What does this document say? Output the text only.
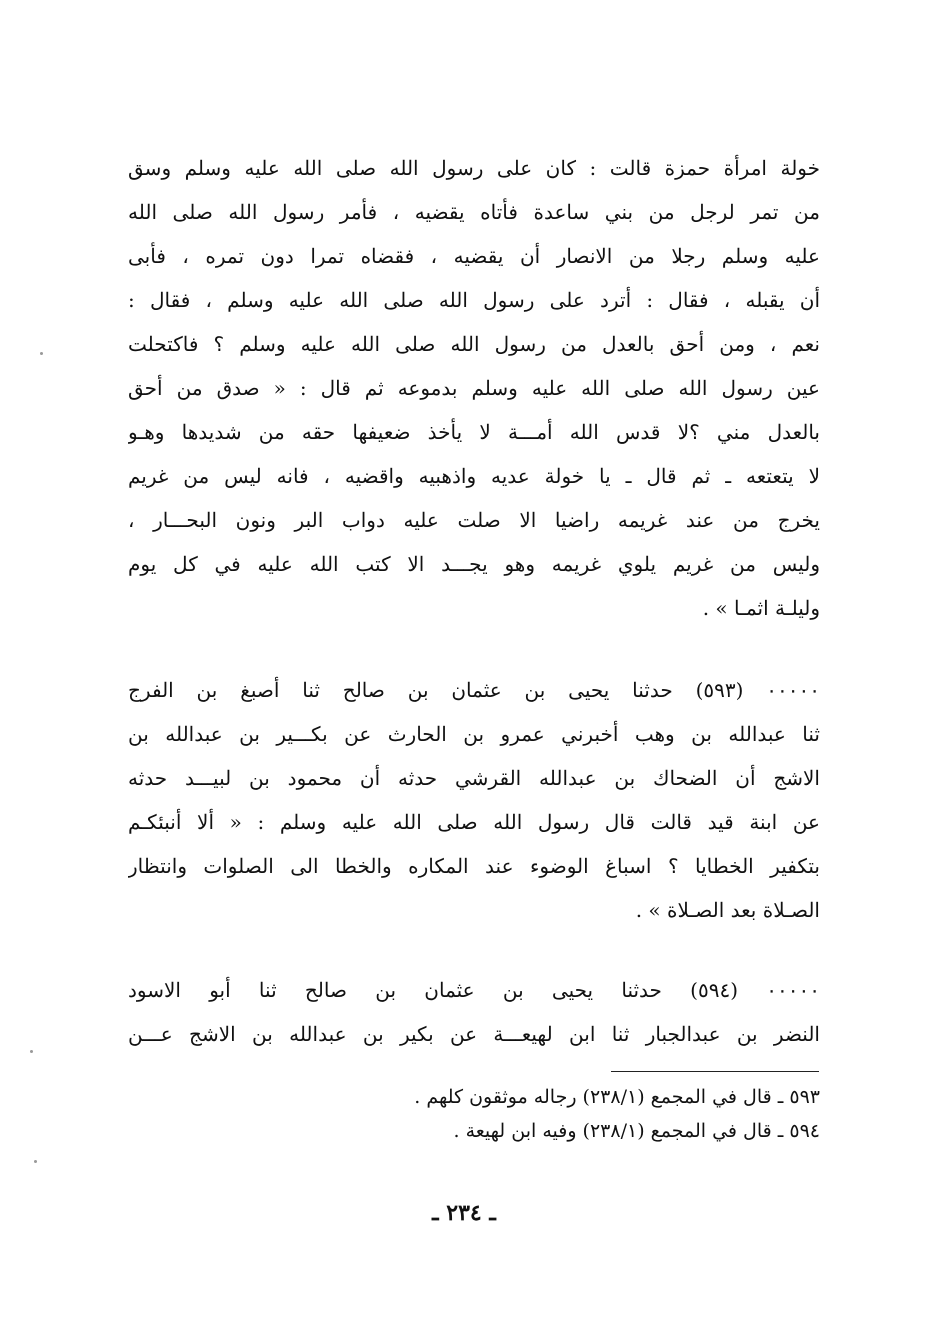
خولة امرأة حمزة قالت : كان على رسول الله صلى الله عليه وسلم وسق
من تمر لرجل من بني ساعدة فأتاه يقضيه ، فأمر رسول الله صلى الله
عليه وسلم رجلا من الانصار أن يقضيه ، فقضاه تمرا دون تمره ، فأبى
أن يقبله ، فقال : أترد على رسول الله صلى الله عليه وسلم ، فقال :
نعم ، ومن أحق بالعدل من رسول الله صلى الله عليه وسلم ؟ فاكتحلت
عين رسول الله صلى الله عليه وسلم بدموعه ثم قال : « صدق من أحق
بالعدل مني ؟لا قدس الله أمـــة لا يأخذ ضعيفها حقه من شديدها وهـو
لا يتعتعه ـ ثم قال ـ يا خولة عديه واذهبيه واقضيه ، فانه ليس من غريم
يخرج من عند غريمه راضيا الا صلت عليه دواب البر ونون البحـــار ،
وليس من غريم يلوي غريمه وهو يجـــد الا كتب الله عليه في كل يوم
وليلـة اثمـا » .
٠٠٠٠٠ (٥٩٣) حدثنا يحيى بن عثمان بن صالح ثنا أصبغ بن الفرج
ثنا عبدالله بن وهب أخبرني عمرو بن الحارث عن بكـــير بن عبدالله بن
الاشج أن الضحاك بن عبدالله القرشي حدثه أن محمود بن لبيـــد حدثه
عن ابنة قيد قالت قال رسول الله صلى الله عليه وسلم : « ألا أنبئكـم
بتكفير الخطايا ؟ اسباغ الوضوء عند المكاره والخطا الى الصلوات وانتظار
الصـلاة بعد الصـلاة » .
٠٠٠٠٠ (٥٩٤) حدثنا يحيى بن عثمان بن صالح ثنا أبو الاسود
النضر بن عبدالجبار ثنا ابن لهيعـــة عن بكير بن عبدالله بن الاشج عـــن
٥٩٣ ـ قال في المجمع (٢٣٨/١) رجاله موثقون كلهم .
٥٩٤ ـ قال في المجمع (٢٣٨/١) وفيه ابن لهيعة .
ـ ٢٣٤ ـ
